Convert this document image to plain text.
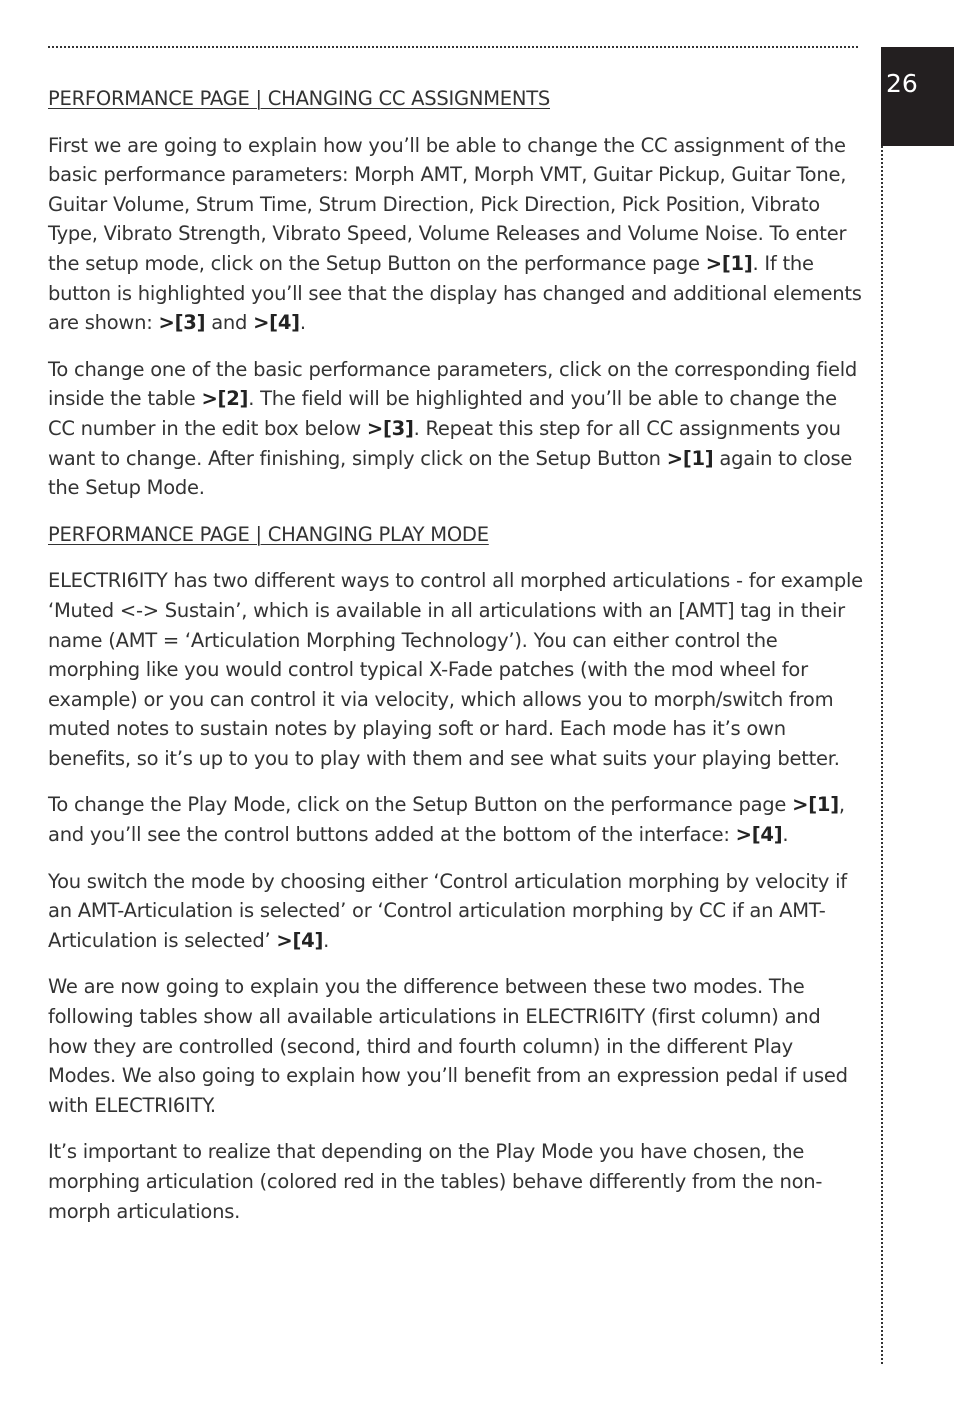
26
PERFORMANCE PAGE | CHANGING CC ASSIGNMENTS

First we are going to explain how you’ll be able to change the CC assignment of the basic performance parameters: Morph AMT, Morph VMT, Guitar Pickup, Guitar Tone, Guitar Volume, Strum Time, Strum Direction, Pick Direction, Pick Position, Vibrato Type, Vibrato Strength, Vibrato Speed, Volume Releases and Volume Noise. To enter the setup mode, click on the Setup Button on the performance page >[1]. If the button is highlighted you’ll see that the display has changed and additional elements are shown: >[3] and >[4].

To change one of the basic performance parameters, click on the corresponding field inside the table >[2]. The field will be highlighted and you’ll be able to change the CC number in the edit box below >[3]. Repeat this step for all CC assignments you want to change. After finishing, simply click on the Setup Button >[1] again to close the Setup Mode.

PERFORMANCE PAGE | CHANGING PLAY MODE

ELECTRI6ITY has two different ways to control all morphed articulations - for example ‘Muted <-> Sustain’, which is available in all articulations with an [AMT] tag in their name (AMT = ‘Articulation Morphing Technology’). You can either control the morphing like you would control typical X-Fade patches (with the mod wheel for example) or you can control it via velocity, which allows you to morph/switch from muted notes to sustain notes by playing soft or hard. Each mode has it’s own benefits, so it’s up to you to play with them and see what suits your playing better.

To change the Play Mode, click on the Setup Button on the performance page >[1], and you’ll see the control buttons added at the bottom of the interface: >[4].

You switch the mode by choosing either ‘Control articulation morphing by velocity if an AMT-Articulation is selected’ or ‘Control articulation morphing by CC if an AMT-Articulation is selected’ >[4].

We are now going to explain you the difference between these two modes. The following tables show all available articulations in ELECTRI6ITY (first column) and how they are controlled (second, third and fourth column) in the different Play Modes. We also going to explain how you’ll benefit from an expression pedal if used with ELECTRI6ITY.

It’s important to realize that depending on the Play Mode you have chosen, the morphing articulation (colored red in the tables) behave differently from the non-morph articulations.
